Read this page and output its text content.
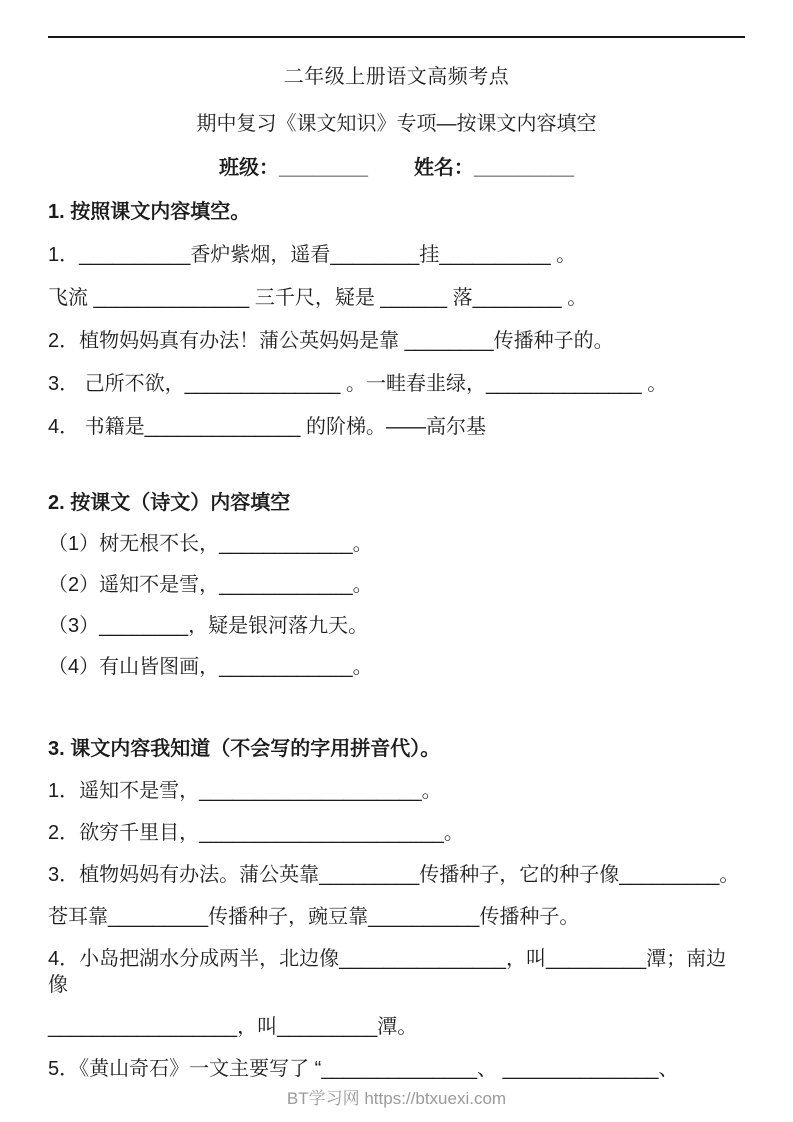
二年级上册语文高频考点
期中复习《课文知识》专项—按课文内容填空
班级：________ 姓名：_________

1. 按照课文内容填空。

1．__________香炉紫烟，遥看________挂__________ 。

飞流 ______________ 三千尺，疑是 ______ 落________ 。

2．植物妈妈真有办法！蒲公英妈妈是靠 ________传播种子的。

3． 己所不欲，______________ 。一畦春韭绿，______________ 。

4． 书籍是______________ 的阶梯。——高尔基

2. 按课文（诗文）内容填空

（1）树无根不长，____________。

（2）遥知不是雪，____________。

（3）________，疑是银河落九天。

（4）有山皆图画，____________。

3. 课文内容我知道（不会写的字用拼音代）。

1．遥知不是雪，____________________。

2．欲穷千里目，______________________。

3．植物妈妈有办法。蒲公英靠_________传播种子，它的种子像_________。

苍耳靠_________传播种子，豌豆靠__________传播种子。

4．小岛把湖水分成两半，北边像_______________，叫_________潭；南边像

_________________，叫_________潭。

5．《黄山奇石》一文主要写了 “______________、 ______________、

BT学习网 https://btxuexi.com
